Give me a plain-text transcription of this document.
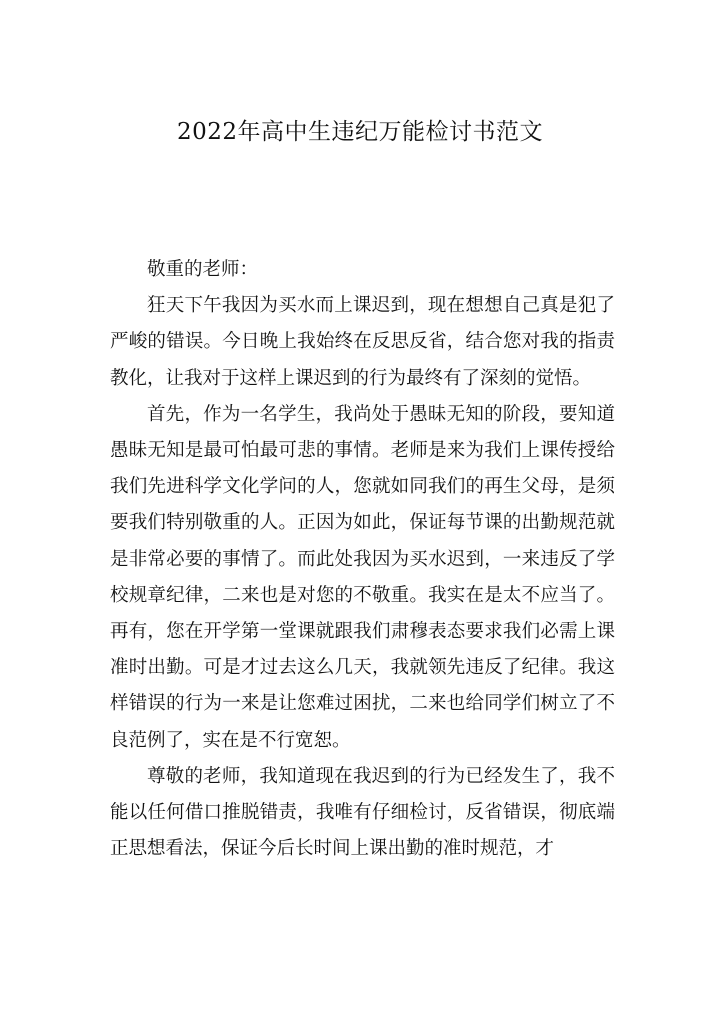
2022年高中生违纪万能检讨书范文

敬重的老师：

狂天下午我因为买水而上课迟到，现在想想自己真是犯了严峻的错误。今日晚上我始终在反思反省，结合您对我的指责教化，让我对于这样上课迟到的行为最终有了深刻的觉悟。

首先，作为一名学生，我尚处于愚昧无知的阶段，要知道愚昧无知是最可怕最可悲的事情。老师是来为我们上课传授给我们先进科学文化学问的人，您就如同我们的再生父母，是须要我们特别敬重的人。正因为如此，保证每节课的出勤规范就是非常必要的事情了。而此处我因为买水迟到，一来违反了学校规章纪律，二来也是对您的不敬重。我实在是太不应当了。再有，您在开学第一堂课就跟我们肃穆表态要求我们必需上课准时出勤。可是才过去这么几天，我就领先违反了纪律。我这样错误的行为一来是让您难过困扰，二来也给同学们树立了不良范例了，实在是不行宽恕。

尊敬的老师，我知道现在我迟到的行为已经发生了，我不能以任何借口推脱错责，我唯有仔细检讨，反省错误，彻底端正思想看法，保证今后长时间上课出勤的准时规范，才
